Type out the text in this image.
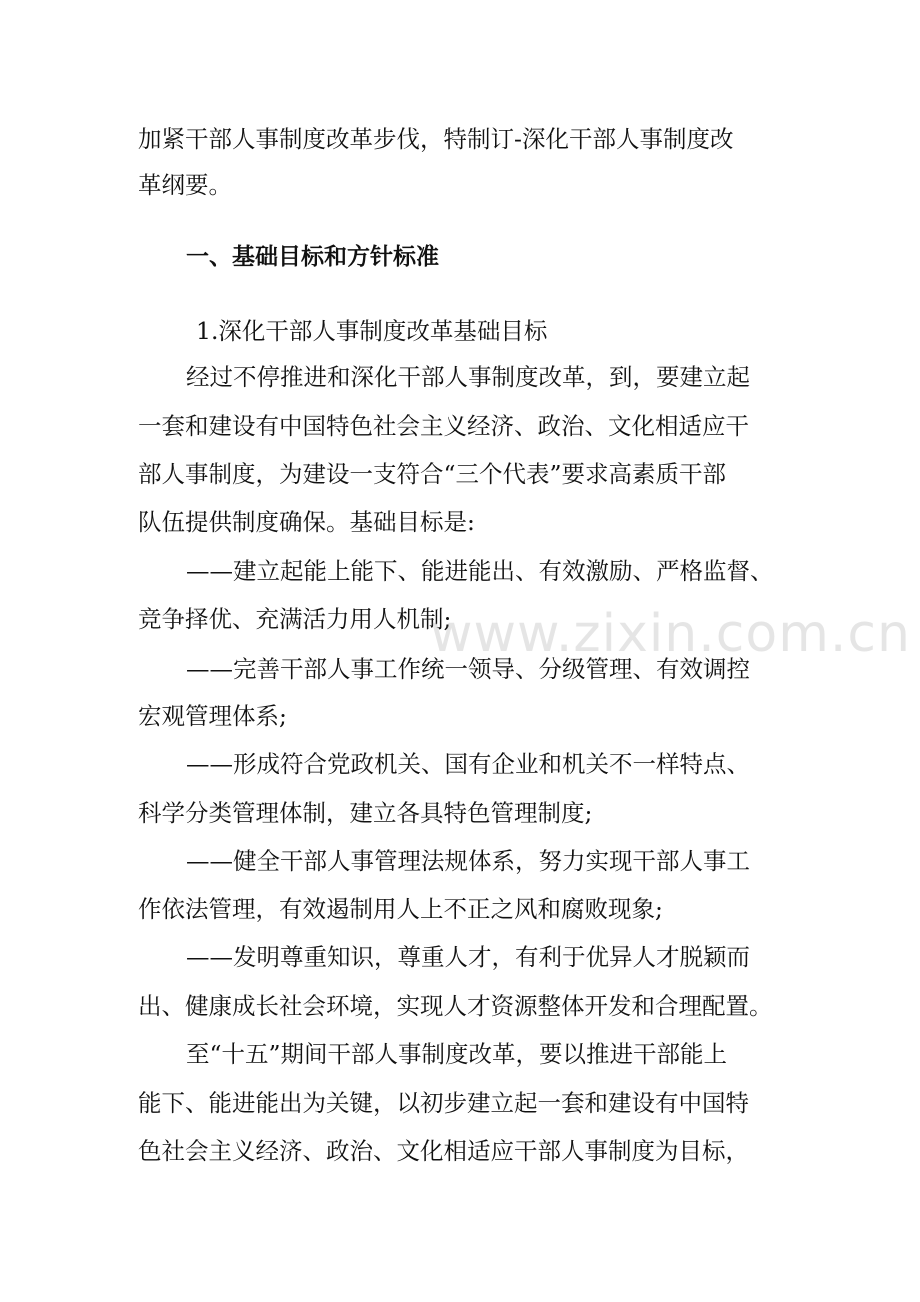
加紧干部人事制度改革步伐，特制订-深化干部人事制度改
革纲要。
一、基础目标和方针标准
1.深化干部人事制度改革基础目标
经过不停推进和深化干部人事制度改革，到，要建立起
一套和建设有中国特色社会主义经济、政治、文化相适应干
部人事制度，为建设一支符合“三个代表”要求高素质干部
队伍提供制度确保。基础目标是:
——建立起能上能下、能进能出、有效激励、严格监督、
竞争择优、充满活力用人机制;
——完善干部人事工作统一领导、分级管理、有效调控
宏观管理体系;
——形成符合党政机关、国有企业和机关不一样特点、
科学分类管理体制，建立各具特色管理制度;
——健全干部人事管理法规体系，努力实现干部人事工
作依法管理，有效遏制用人上不正之风和腐败现象;
——发明尊重知识，尊重人才，有利于优异人才脱颖而
出、健康成长社会环境，实现人才资源整体开发和合理配置。
至“十五”期间干部人事制度改革，要以推进干部能上
能下、能进能出为关键，以初步建立起一套和建设有中国特
色社会主义经济、政治、文化相适应干部人事制度为目标，
www.zixin.com.cn
